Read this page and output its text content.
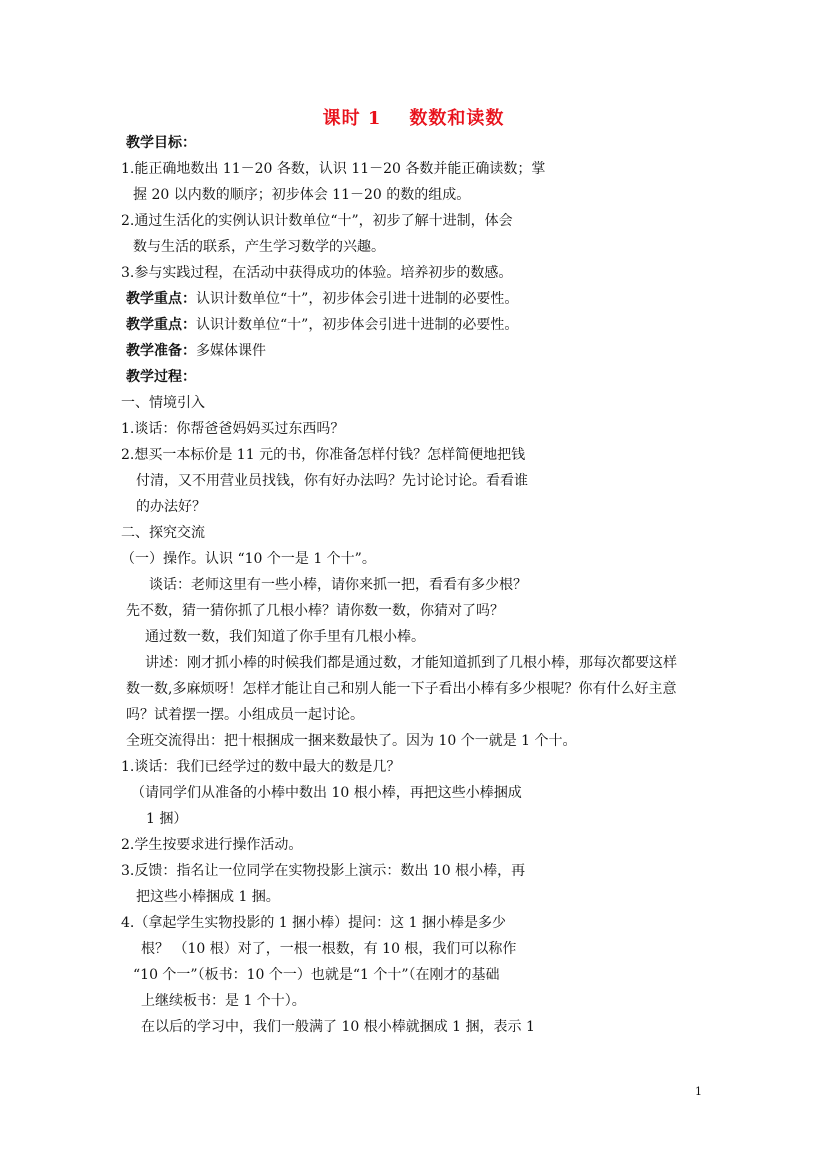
课时 1 数数和读数
教学目标：
1.能正确地数出 11－20 各数，认识 11－20 各数并能正确读数；掌
握 20 以内数的顺序；初步体会 11－20 的数的组成。
2.通过生活化的实例认识计数单位“十”，初步了解十进制，体会
数与生活的联系，产生学习数学的兴趣。
3.参与实践过程，在活动中获得成功的体验。培养初步的数感。
教学重点：认识计数单位“十”，初步体会引进十进制的必要性。
教学重点：认识计数单位“十”，初步体会引进十进制的必要性。
教学准备：多媒体课件
教学过程：
一、情境引入
1.谈话：你帮爸爸妈妈买过东西吗？
2.想买一本标价是 11 元的书，你准备怎样付钱？怎样简便地把钱
付清，又不用营业员找钱，你有好办法吗？先讨论讨论。看看谁
的办法好？
二、探究交流
（一）操作。认识 “10 个一是 1 个十”。
谈话：老师这里有一些小棒，请你来抓一把，看看有多少根？
先不数，猜一猜你抓了几根小棒？请你数一数，你猜对了吗？
通过数一数，我们知道了你手里有几根小棒。
讲述：刚才抓小棒的时候我们都是通过数，才能知道抓到了几根小棒，那每次都要这样
数一数,多麻烦呀！怎样才能让自己和别人能一下子看出小棒有多少根呢？你有什么好主意
吗？试着摆一摆。小组成员一起讨论。
全班交流得出：把十根捆成一捆来数最快了。因为 10 个一就是 1 个十。
1.谈话：我们已经学过的数中最大的数是几？
（请同学们从准备的小棒中数出 10 根小棒，再把这些小棒捆成
1 捆）
2.学生按要求进行操作活动。
3.反馈：指名让一位同学在实物投影上演示：数出 10 根小棒，再
把这些小棒捆成 1 捆。
4.（拿起学生实物投影的 1 捆小棒）提问：这 1 捆小棒是多少
根？ （10 根）对了，一根一根数，有 10 根，我们可以称作
“10 个一”（板书：10 个一）也就是“1 个十”（在刚才的基础
上继续板书：是 1 个十）。
在以后的学习中，我们一般满了 10 根小棒就捆成 1 捆，表示 1
1
